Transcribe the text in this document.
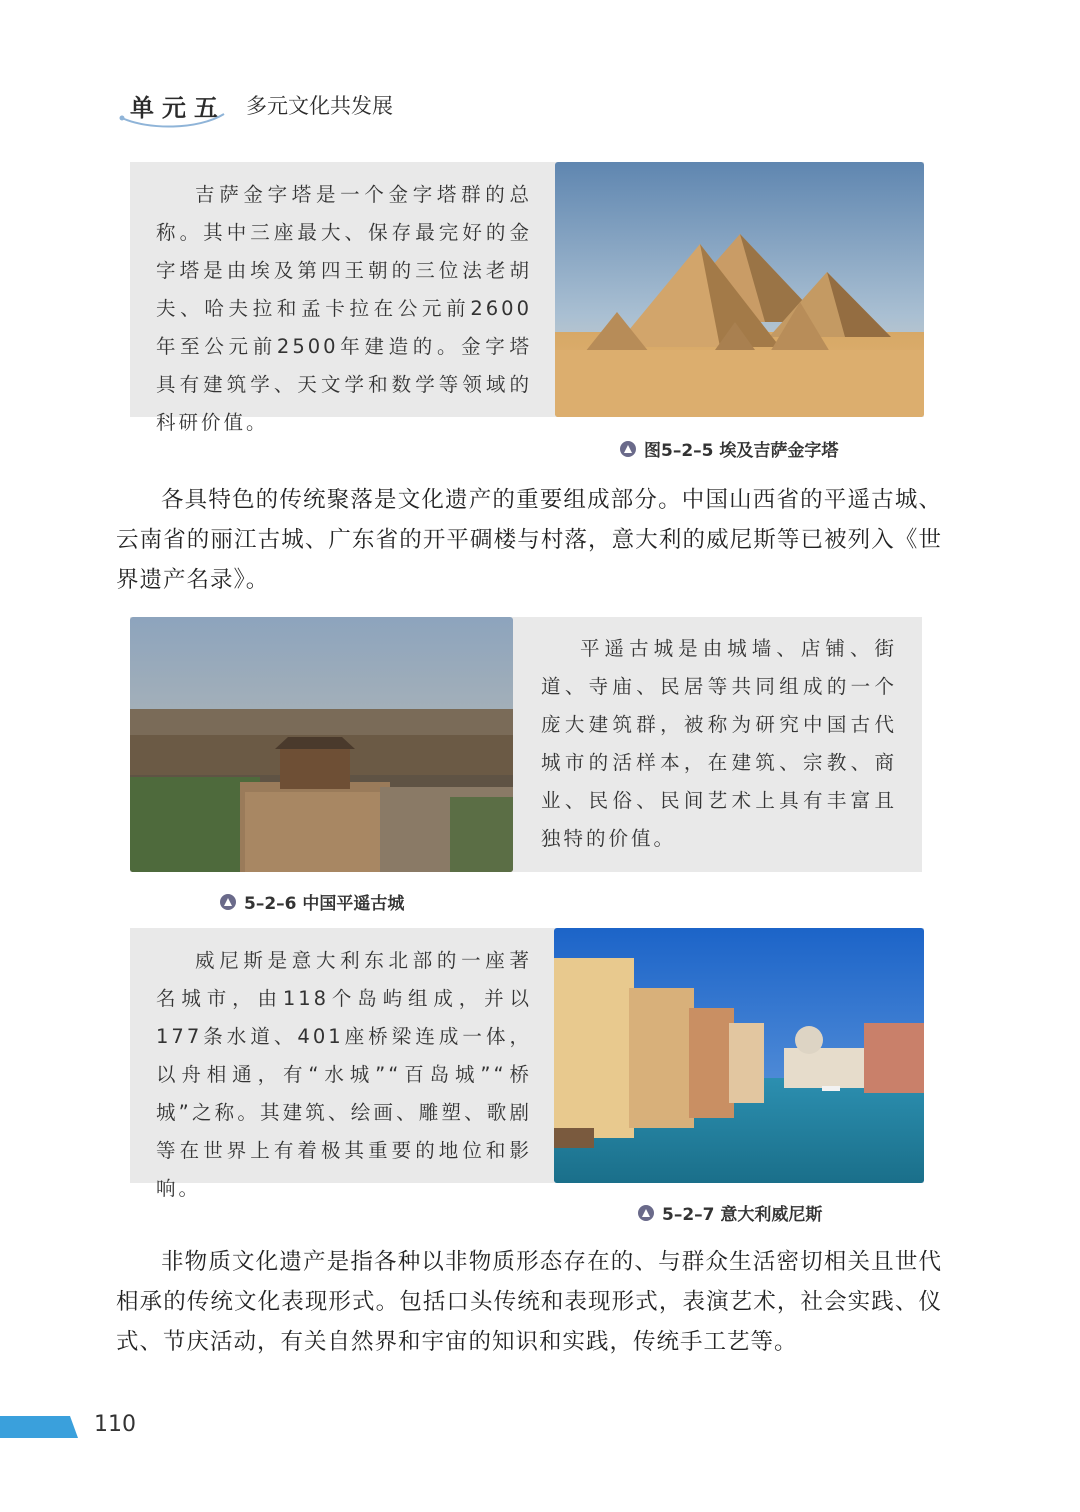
单元五 多元文化共发展
吉萨金字塔是一个金字塔群的总称。其中三座最大、保存最完好的金字塔是由埃及第四王朝的三位法老胡夫、哈夫拉和孟卡拉在公元前2600年至公元前2500年建造的。金字塔具有建筑学、天文学和数学等领域的科研价值。
图5–2–5 埃及吉萨金字塔
各具特色的传统聚落是文化遗产的重要组成部分。中国山西省的平遥古城、云南省的丽江古城、广东省的开平碉楼与村落，意大利的威尼斯等已被列入《世界遗产名录》。
平遥古城是由城墙、店铺、街道、寺庙、民居等共同组成的一个庞大建筑群，被称为研究中国古代城市的活样本，在建筑、宗教、商业、民俗、民间艺术上具有丰富且独特的价值。
5–2–6 中国平遥古城
威尼斯是意大利东北部的一座著名城市，由118个岛屿组成，并以 177条水道、401座桥梁连成一体，以舟相通，有“水城”“百岛城”“桥城”之称。其建筑、绘画、雕塑、歌剧等在世界上有着极其重要的地位和影响。
5–2–7 意大利威尼斯
非物质文化遗产是指各种以非物质形态存在的、与群众生活密切相关且世代相承的传统文化表现形式。包括口头传统和表现形式，表演艺术，社会实践、仪式、节庆活动，有关自然界和宇宙的知识和实践，传统手工艺等。
110
